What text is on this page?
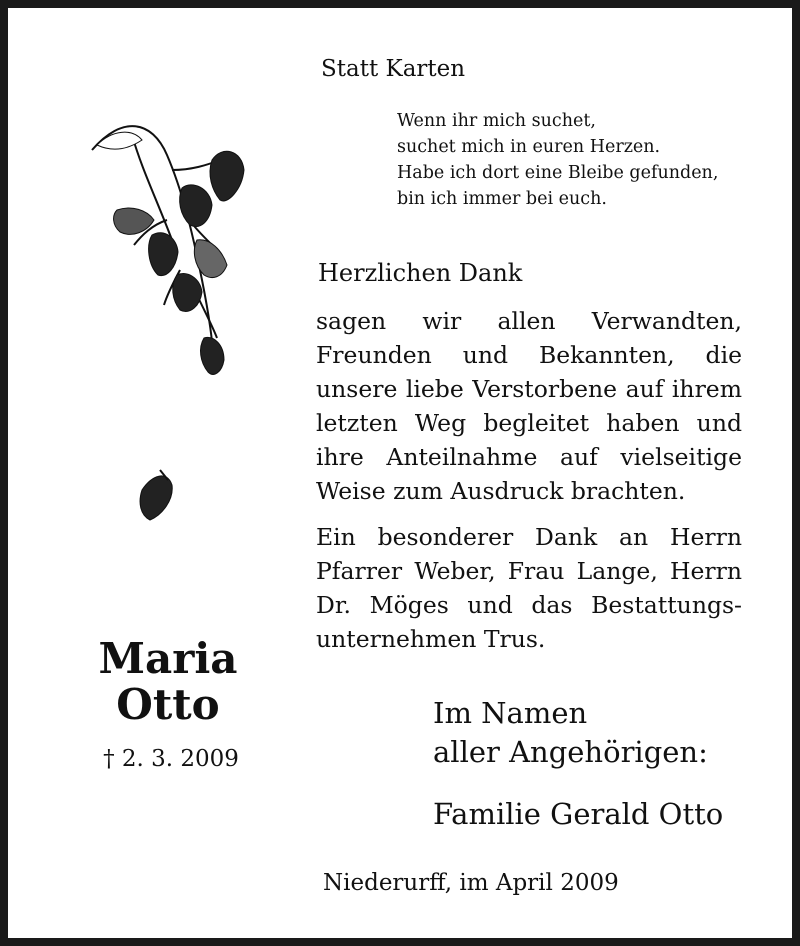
Statt Karten

Wenn ihr mich suchet,
suchet mich in euren Herzen.
Habe ich dort eine Bleibe gefunden,
bin ich immer bei euch.

Herzlichen Dank

sagen wir allen Verwandten,
Freunden und Bekannten, die
unsere liebe Verstorbene auf ihrem
letzten Weg begleitet haben und
ihre Anteilnahme auf vielseitige
Weise zum Ausdruck brachten.
Ein besonderer Dank an Herrn
Pfarrer Weber, Frau Lange, Herrn
Dr. Möges und das Bestattungs-
unternehmen Trus.
Maria
Otto

† 2. 3. 2009

Im Namen
aller Angehörigen:

Familie Gerald Otto

Niederurff, im April 2009
